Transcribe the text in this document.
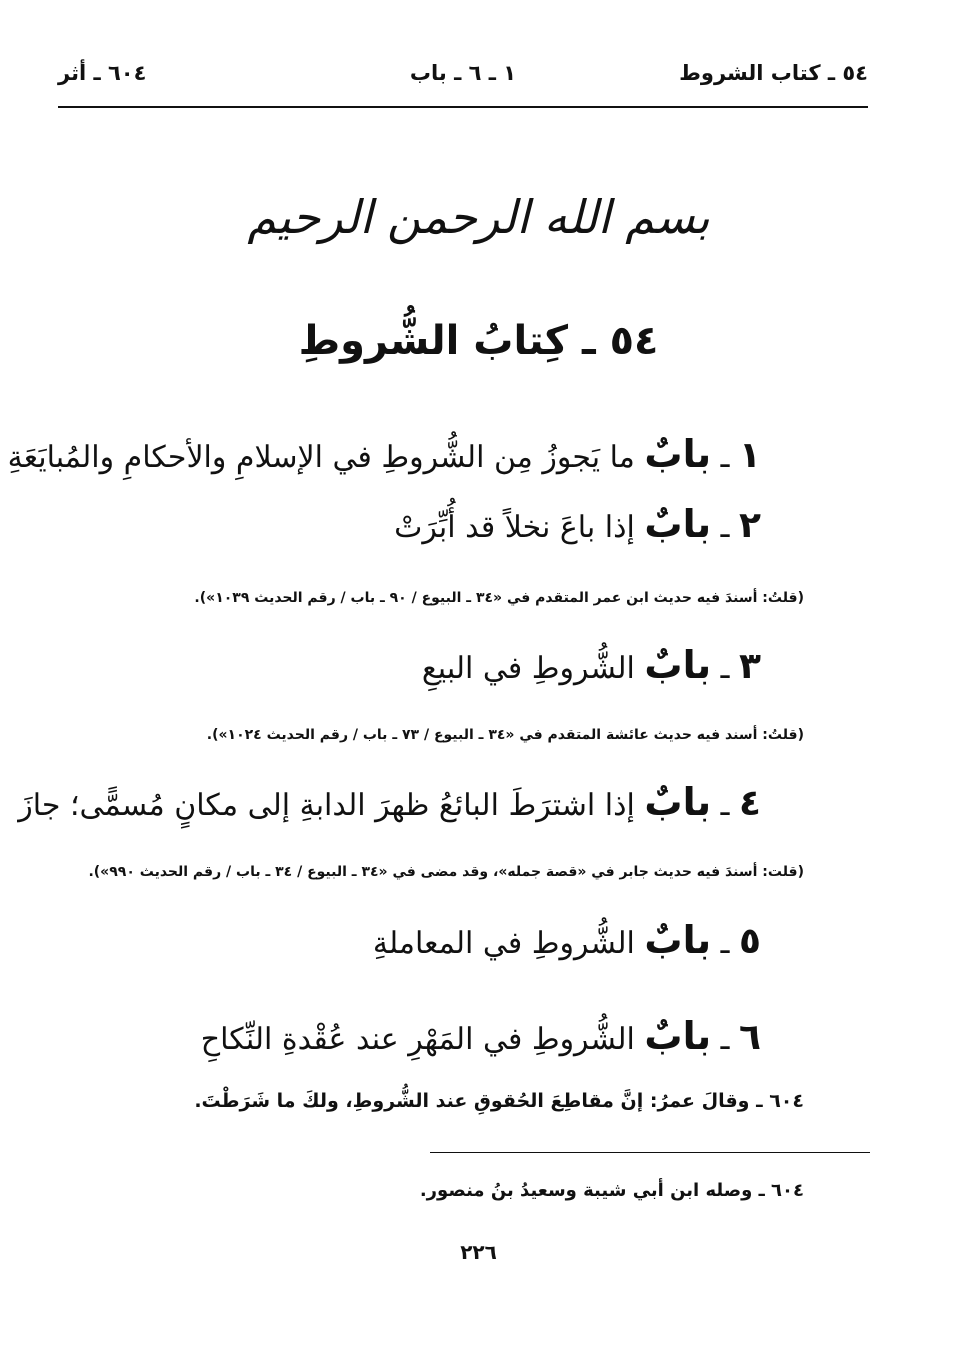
٥٤ ـ كتاب الشروط
١ ـ ٦ ـ باب
٦٠٤ ـ أثر
بسم الله الرحمن الرحيم
٥٤ ـ كِتابُ الشُّروطِ
١ ـ بابٌ ما يَجوزُ مِن الشُّروطِ في الإسلامِ والأحكامِ والمُبايَعَةِ
٢ ـ بابٌ إذا باعَ نخلاً قد أُبِّرَتْ
(قلتُ: أسندَ فيه حديث ابن عمر المتقدم في «٣٤ ـ البيوع / ٩٠ ـ باب / رقم الحديث ١٠٣٩»).
٣ ـ بابٌ الشُّروطِ في البيعِ
(قلتُ: أسند فيه حديث عائشة المتقدم في «٣٤ ـ البيوع / ٧٣ ـ باب / رقم الحديث ١٠٢٤»).
٤ ـ بابٌ إذا اشترَطَ البائعُ ظهرَ الدابةِ إلى مكانٍ مُسمًّى؛ جازَ
(قلت: أسندَ فيه حديث جابر في «قصة جمله»، وقد مضى في «٣٤ ـ البيوع / ٣٤ ـ باب / رقم الحديث ٩٩٠»).
٥ ـ بابٌ الشُّروطِ في المعاملةِ
٦ ـ بابٌ الشُّروطِ في المَهْرِ عند عُقْدةِ النِّكاحِ
٦٠٤ ـ وقالَ عمرُ: إنَّ مقاطِعَ الحُقوقِ عند الشُّروطِ، ولكَ ما شَرَطْتَ.
٦٠٤ ـ وصله ابن أبي شيبة وسعيدُ بنُ منصور.
٢٢٦
